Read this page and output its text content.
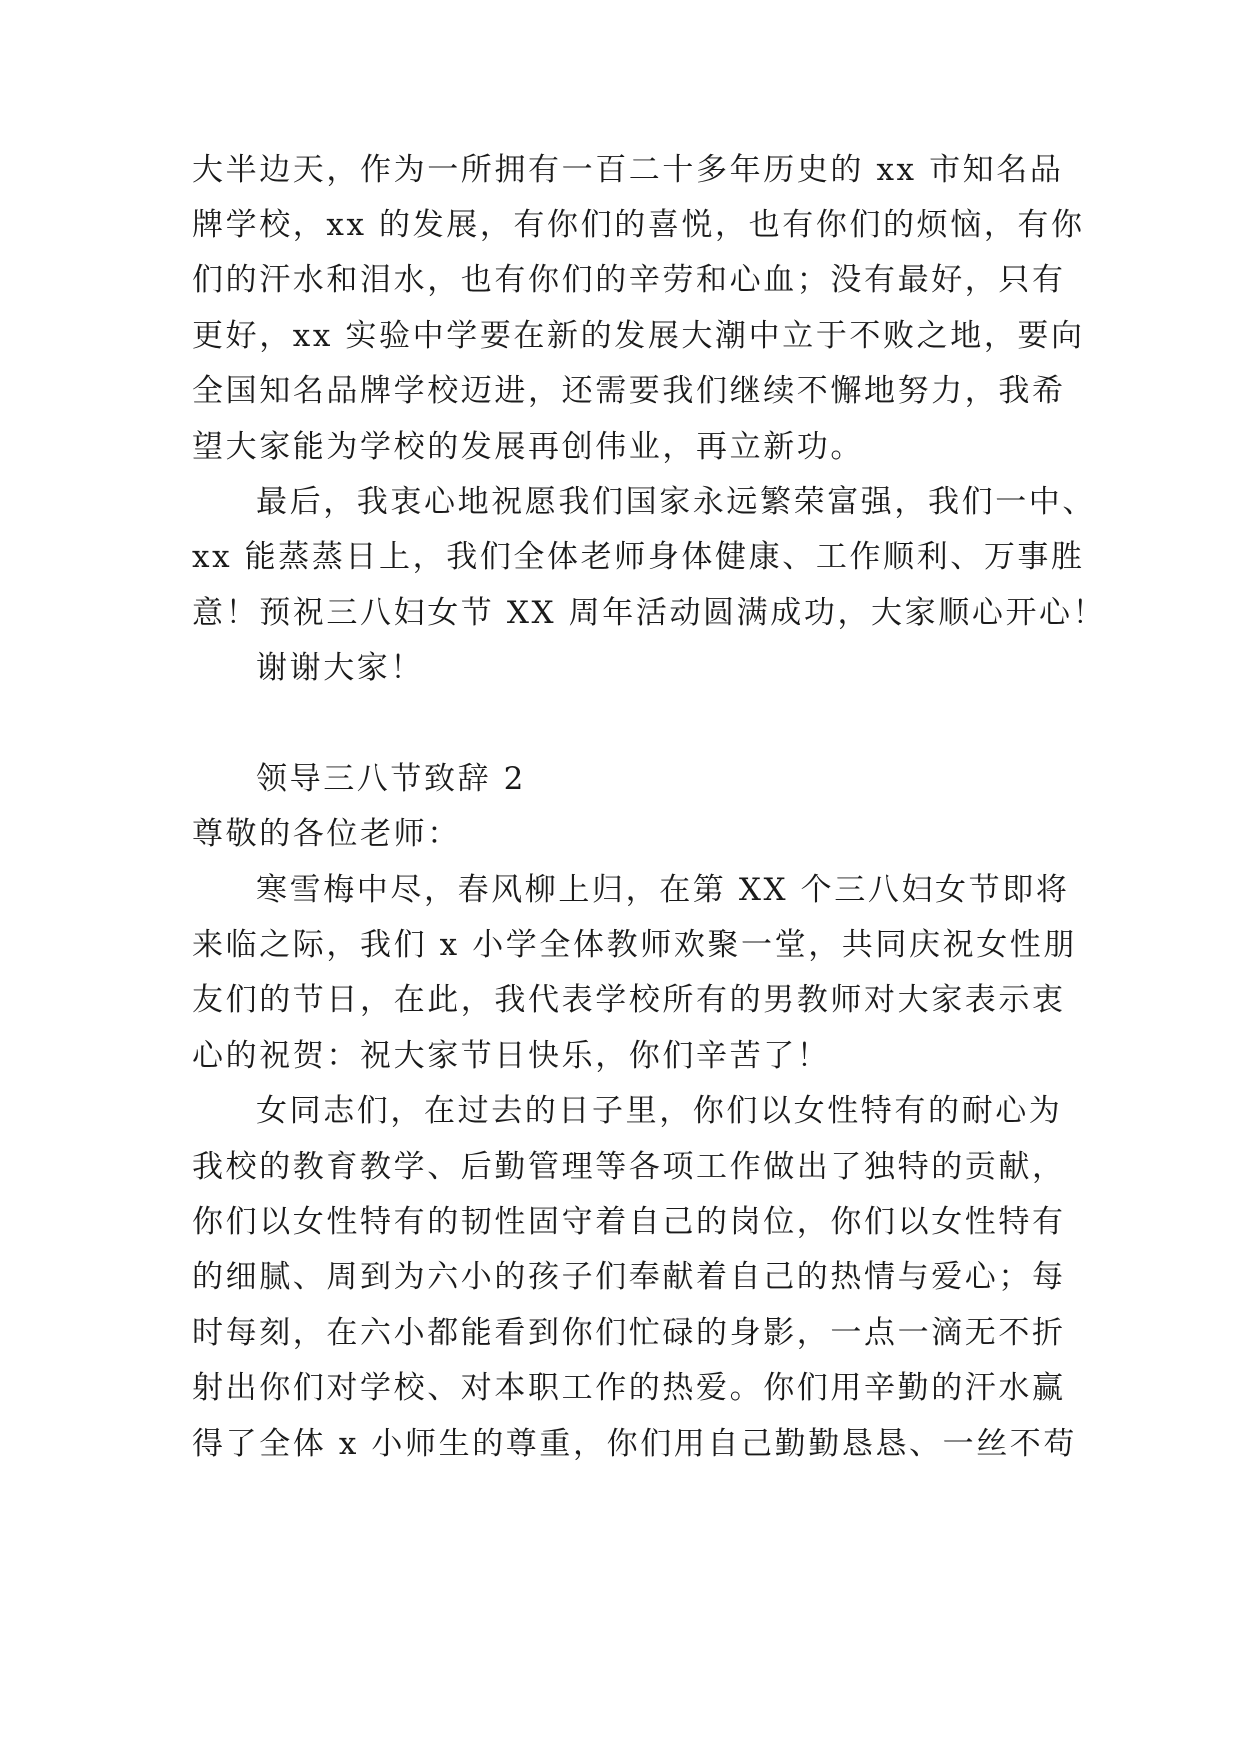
大半边天，作为一所拥有一百二十多年历史的 xx 市知名品
牌学校，xx 的发展，有你们的喜悦，也有你们的烦恼，有你
们的汗水和泪水，也有你们的辛劳和心血；没有最好，只有
更好，xx 实验中学要在新的发展大潮中立于不败之地，要向
全国知名品牌学校迈进，还需要我们继续不懈地努力，我希
望大家能为学校的发展再创伟业，再立新功。
最后，我衷心地祝愿我们国家永远繁荣富强，我们一中、
xx 能蒸蒸日上，我们全体老师身体健康、工作顺利、万事胜
意！预祝三八妇女节 XX 周年活动圆满成功，大家顺心开心！
谢谢大家！
领导三八节致辞 2
尊敬的各位老师：
寒雪梅中尽，春风柳上归，在第 XX 个三八妇女节即将
来临之际，我们 x 小学全体教师欢聚一堂，共同庆祝女性朋
友们的节日，在此，我代表学校所有的男教师对大家表示衷
心的祝贺：祝大家节日快乐，你们辛苦了！
女同志们，在过去的日子里，你们以女性特有的耐心为
我校的教育教学、后勤管理等各项工作做出了独特的贡献，
你们以女性特有的韧性固守着自己的岗位，你们以女性特有
的细腻、周到为六小的孩子们奉献着自己的热情与爱心；每
时每刻，在六小都能看到你们忙碌的身影，一点一滴无不折
射出你们对学校、对本职工作的热爱。你们用辛勤的汗水赢
得了全体 x 小师生的尊重，你们用自己勤勤恳恳、一丝不苟
